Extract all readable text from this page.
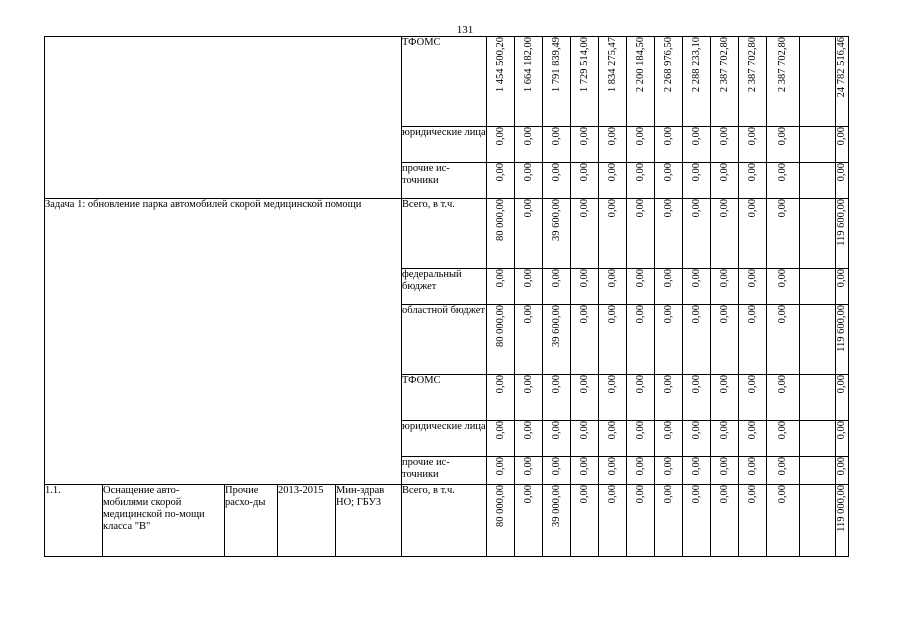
131
					ТФОМС	1 454 500,20	1 664 182,00	1 791 839,49	1 729 514,00	1 834 275,47	2 200 184,50	2 268 976,50	2 288 233,10	2 387 702,80	2 387 702,80	2 387 702,80		24 782 516,46
					юридические лица	0,00	0,00	0,00	0,00	0,00	0,00	0,00	0,00	0,00	0,00	0,00		0,00
					прочие ис-точники	0,00	0,00	0,00	0,00	0,00	0,00	0,00	0,00	0,00	0,00	0,00		0,00
Задача 1: обновление парка автомобилей скорой медицинской помощи					Всего, в т.ч.	80 000,00	0,00	39 600,00	0,00	0,00	0,00	0,00	0,00	0,00	0,00	0,00		119 600,00
					федеральный бюджет	0,00	0,00	0,00	0,00	0,00	0,00	0,00	0,00	0,00	0,00	0,00		0,00
					областной бюджет	80 000,00	0,00	39 600,00	0,00	0,00	0,00	0,00	0,00	0,00	0,00	0,00		119 600,00
					ТФОМС	0,00	0,00	0,00	0,00	0,00	0,00	0,00	0,00	0,00	0,00	0,00		0,00
					юридические лица	0,00	0,00	0,00	0,00	0,00	0,00	0,00	0,00	0,00	0,00	0,00		0,00
					прочие ис-точники	0,00	0,00	0,00	0,00	0,00	0,00	0,00	0,00	0,00	0,00	0,00		0,00
1.1.	Оснащение авто-мобилями скорой медицинской по-мощи класса "В"	Прочие расхо-ды	2013-2015	Мин-здрав НО; ГБУЗ	Всего, в т.ч.	80 000,00	0,00	39 000,00	0,00	0,00	0,00	0,00	0,00	0,00	0,00	0,00		119 000,00
